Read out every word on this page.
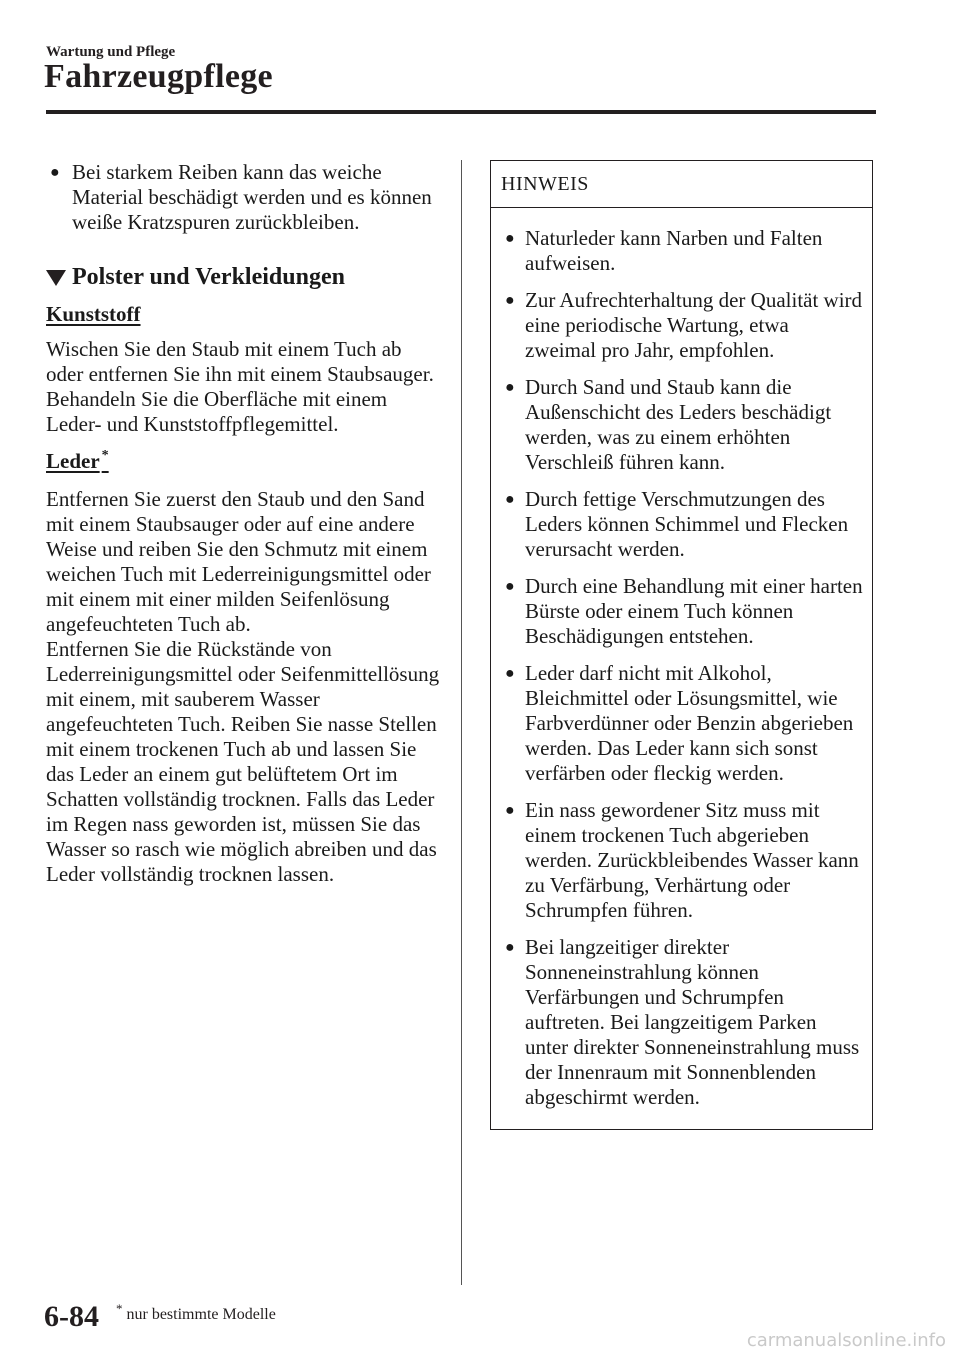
Wartung und Pflege
Fahrzeugpflege

● Bei starkem Reiben kann das weiche Material beschädigt werden und es können weiße Kratzspuren zurückbleiben.

Polster und Verkleidungen
Kunststoff
Wischen Sie den Staub mit einem Tuch ab oder entfernen Sie ihn mit einem Staubsauger.
Behandeln Sie die Oberfläche mit einem Leder- und Kunststoffpflegemittel.
Leder *
Entfernen Sie zuerst den Staub und den Sand mit einem Staubsauger oder auf eine andere Weise und reiben Sie den Schmutz mit einem weichen Tuch mit Lederreinigungsmittel oder mit einem mit einer milden Seifenlösung angefeuchteten Tuch ab.
Entfernen Sie die Rückstände von Lederreinigungsmittel oder Seifenmittellösung mit einem, mit sauberem Wasser angefeuchteten Tuch. Reiben Sie nasse Stellen mit einem trockenen Tuch ab und lassen Sie das Leder an einem gut belüftetem Ort im Schatten vollständig trocknen. Falls das Leder im Regen nass geworden ist, müssen Sie das Wasser so rasch wie möglich abreiben und das Leder vollständig trocknen lassen.
HINWEIS

● Naturleder kann Narben und Falten aufweisen.

● Zur Aufrechterhaltung der Qualität wird eine periodische Wartung, etwa zweimal pro Jahr, empfohlen.

● Durch Sand und Staub kann die Außenschicht des Leders beschädigt werden, was zu einem erhöhten Verschleiß führen kann.

● Durch fettige Verschmutzungen des Leders können Schimmel und Flecken verursacht werden.

● Durch eine Behandlung mit einer harten Bürste oder einem Tuch können Beschädigungen entstehen.

● Leder darf nicht mit Alkohol, Bleichmittel oder Lösungsmittel, wie Farbverdünner oder Benzin abgerieben werden. Das Leder kann sich sonst verfärben oder fleckig werden.

● Ein nass gewordener Sitz muss mit einem trockenen Tuch abgerieben werden. Zurückbleibendes Wasser kann zu Verfärbung, Verhärtung oder Schrumpfen führen.

● Bei langzeitiger direkter Sonneneinstrahlung können Verfärbungen und Schrumpfen auftreten. Bei langzeitigem Parken unter direkter Sonneneinstrahlung muss der Innenraum mit Sonnenblenden abgeschirmt werden.

6-84 * nur bestimmte Modelle
carmanualsonline.info
